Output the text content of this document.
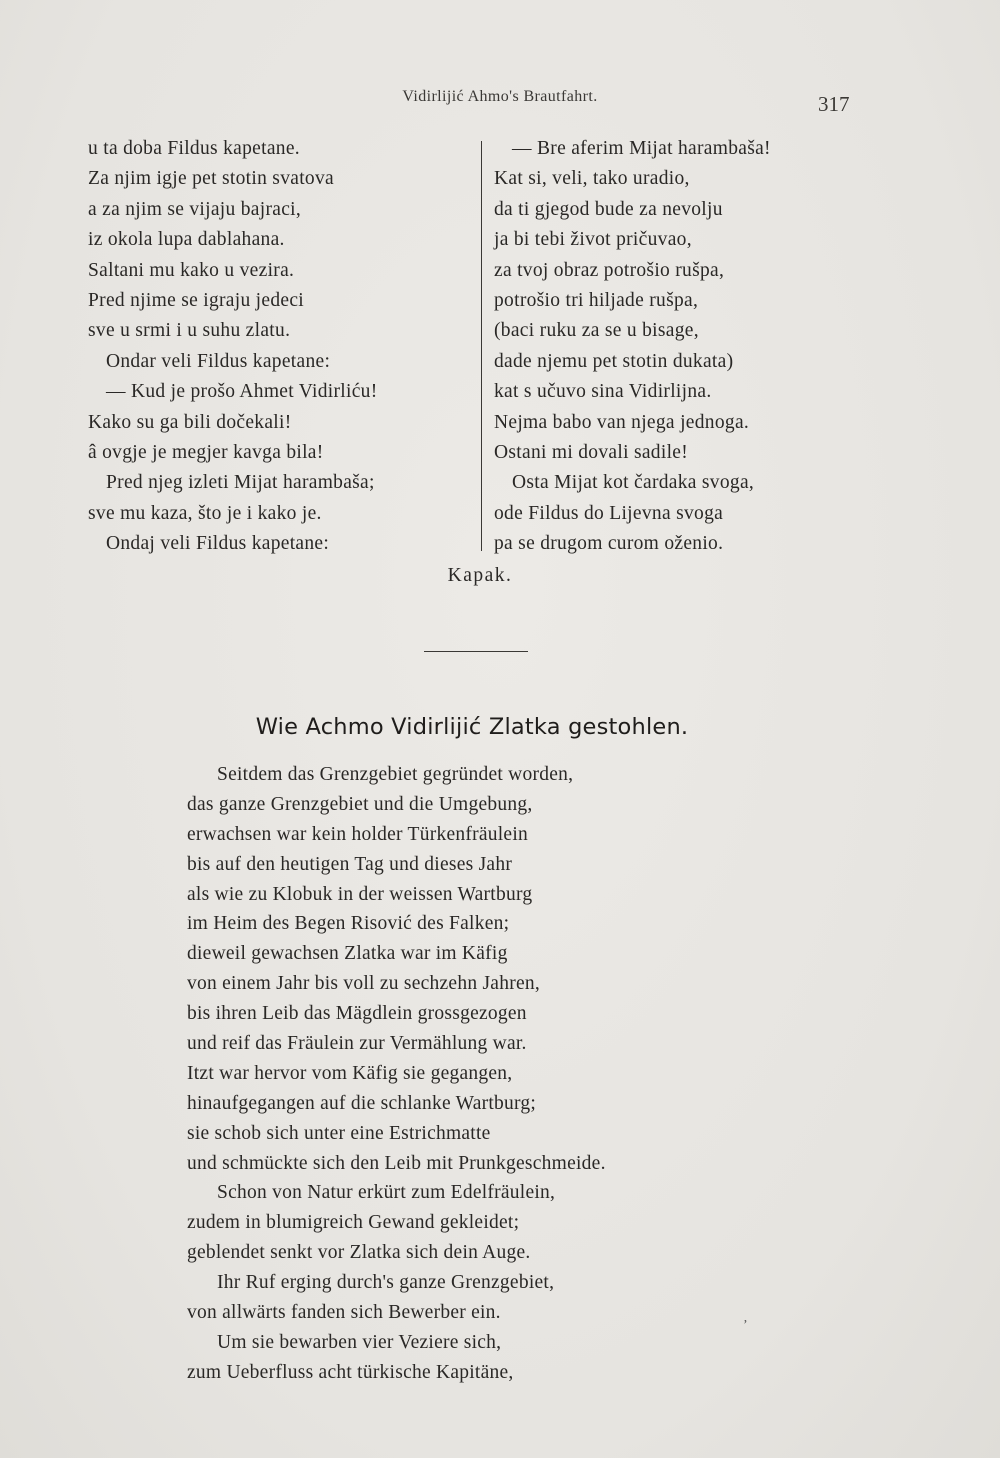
Vidirlijić Ahmo's Brautfahrt.	317
u ta doba Fildus kapetane.
Za njim igje pet stotin svatova
a za njim se vijaju bajraci,
iz okola lupa dablahana.
Saltani mu kako u vezira.
Pred njime se igraju jedeci
sve u srmi i u suhu zlatu.
Ondar veli Fildus kapetane:
— Kud je prošo Ahmet Vidirliću!
Kako su ga bili dočekali!
â ovgje je megjer kavga bila!
Pred njeg izleti Mijat harambaša;
sve mu kaza, što je i kako je.
Ondaj veli Fildus kapetane:
— Bre aferim Mijat harambaša!
Kat si, veli, tako uradio,
da ti gjegod bude za nevolju
ja bi tebi život pričuvao,
za tvoj obraz potrošio rušpa,
potrošio tri hiljade rušpa,
(baci ruku za se u bisage,
dade njemu pet stotin dukata)
kat s učuvo sina Vidirlijna.
Nejma babo van njega jednoga.
Ostani mi dovali sadile!
Osta Mijat kot čardaka svoga,
ode Fildus do Lijevna svoga
pa se drugom curom oženio.
Kapak.
Wie Achmo Vidirlijić Zlatka gestohlen.
Seitdem das Grenzgebiet gegründet worden,
das ganze Grenzgebiet und die Umgebung,
erwachsen war kein holder Türkenfräulein
bis auf den heutigen Tag und dieses Jahr
als wie zu Klobuk in der weissen Wartburg
im Heim des Begen Risović des Falken;
dieweil gewachsen Zlatka war im Käfig
von einem Jahr bis voll zu sechzehn Jahren,
bis ihren Leib das Mägdlein grossgezogen
und reif das Fräulein zur Vermählung war.
Itzt war hervor vom Käfig sie gegangen,
hinaufgegangen auf die schlanke Wartburg;
sie schob sich unter eine Estrichmatte
und schmückte sich den Leib mit Prunkgeschmeide.
Schon von Natur erkürt zum Edelfräulein,
zudem in blumigreich Gewand gekleidet;
geblendet senkt vor Zlatka sich dein Auge.
Ihr Ruf erging durch's ganze Grenzgebiet,
von allwärts fanden sich Bewerber ein.
Um sie bewarben vier Veziere sich,
zum Ueberfluss acht türkische Kapitäne,
’
